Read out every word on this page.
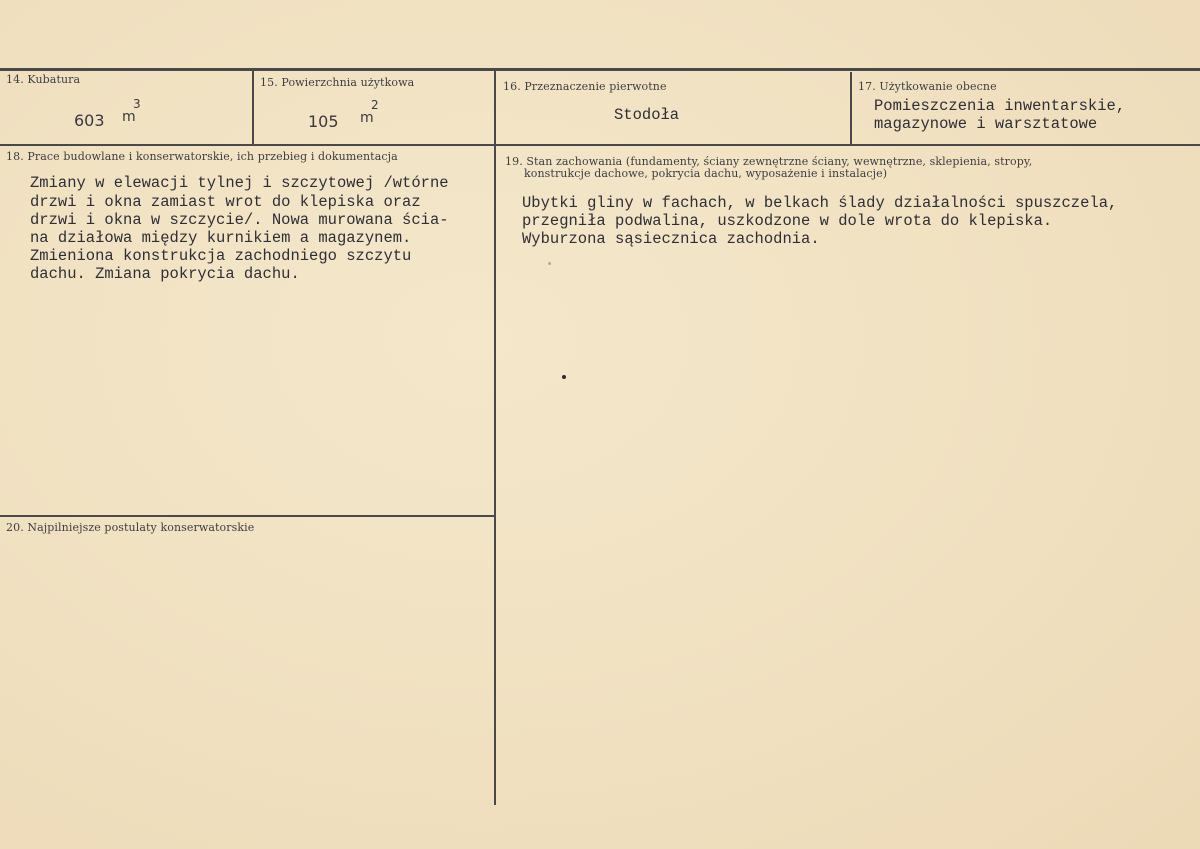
14. Kubatura
603 m
3
15. Powierzchnia użytkowa
105 m
2
16. Przeznaczenie pierwotne
Stodoła
17. Użytkowanie obecne
Pomieszczenia inwentarskie,
magazynowe i warsztatowe
18. Prace budowlane i konserwatorskie, ich przebieg i dokumentacja
Zmiany w elewacji tylnej i szczytowej /wtórne
drzwi i okna zamiast wrot do klepiska oraz
drzwi i okna w szczycie/. Nowa murowana ścia-
na działowa między kurnikiem a magazynem.
Zmieniona konstrukcja zachodniego szczytu
dachu. Zmiana pokrycia dachu.
19. Stan zachowania (fundamenty, ściany zewnętrzne ściany, wewnętrzne, sklepienia, stropy,
konstrukcje dachowe, pokrycia dachu, wyposażenie i instalacje)
Ubytki gliny w fachach, w belkach ślady działalności spuszczela,
przegniła podwalina, uszkodzone w dole wrota do klepiska.
Wyburzona sąsiecznica zachodnia.
20. Najpilniejsze postulaty konserwatorskie
